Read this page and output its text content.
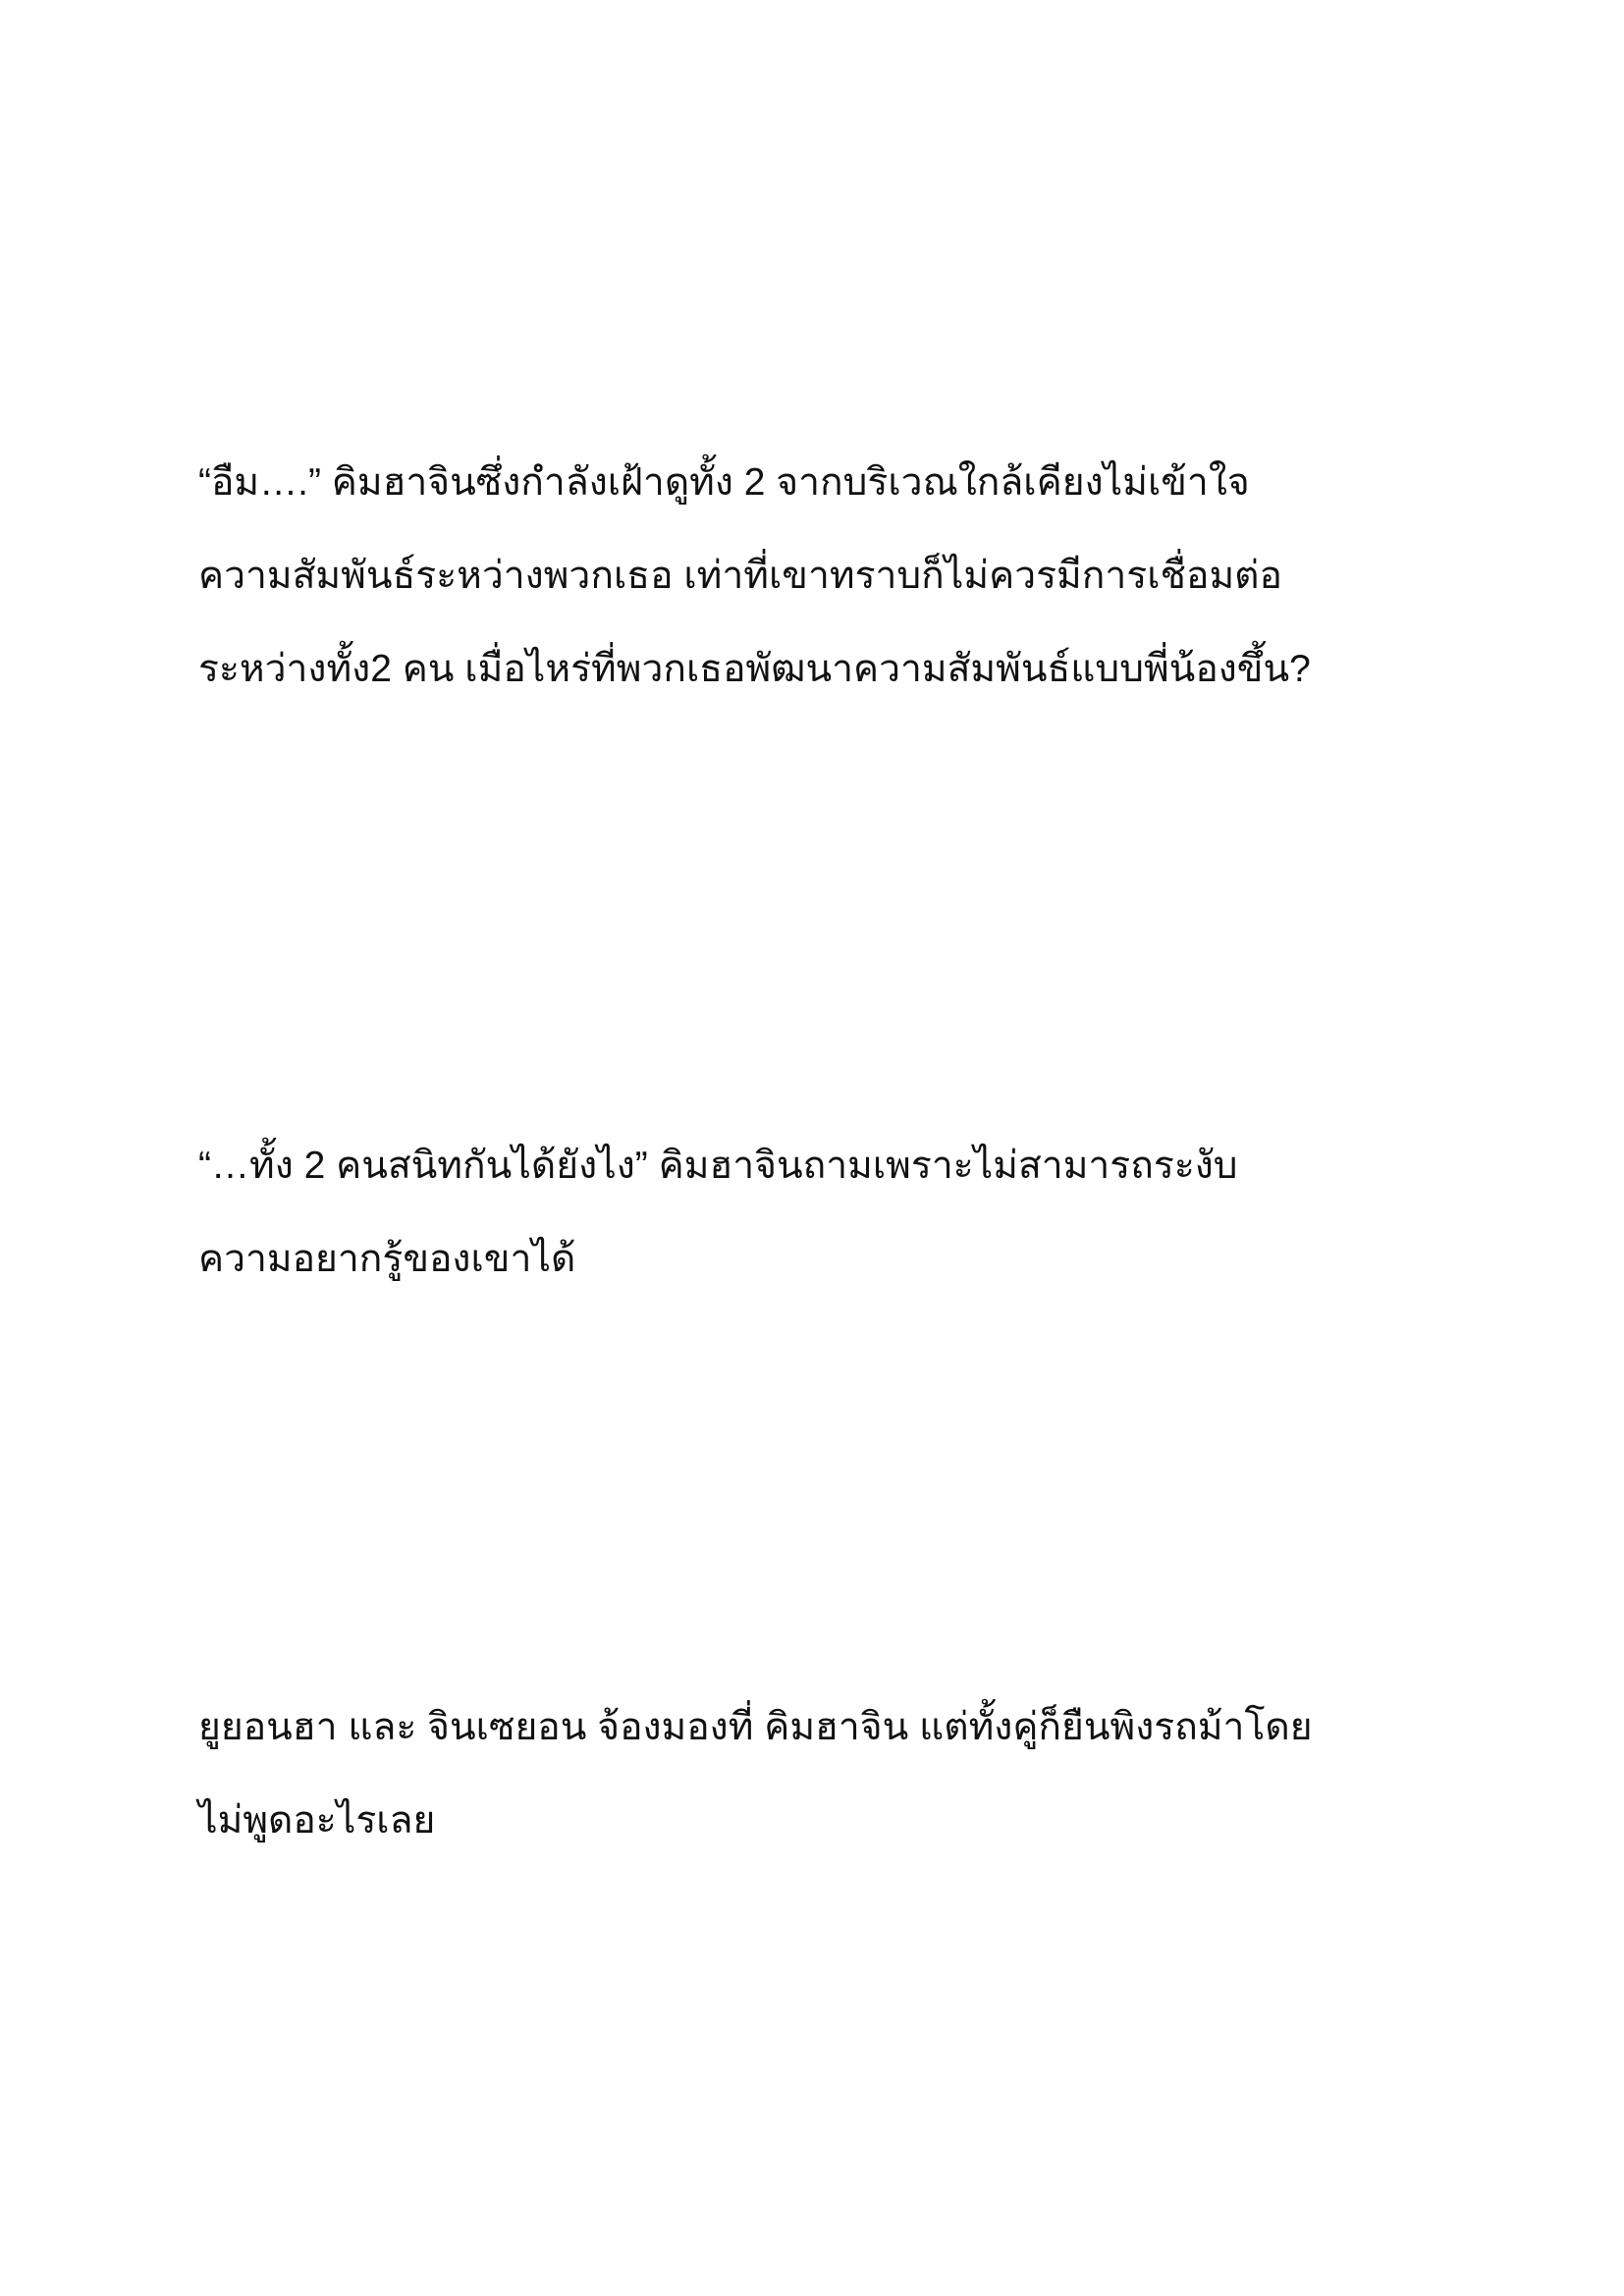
“อืม….” คิมฮาจินซึ่งกำลังเฝ้าดูทั้ง 2 จากบริเวณใกล้เคียงไม่เข้าใจ
ความสัมพันธ์ระหว่างพวกเธอ เท่าที่เขาทราบก็ไม่ควรมีการเชื่อมต่อ
ระหว่างทั้ง2 คน เมื่อไหร่ที่พวกเธอพัฒนาความสัมพันธ์แบบพี่น้องขึ้น?
“…ทั้ง 2 คนสนิทกันได้ยังไง” คิมฮาจินถามเพราะไม่สามารถระงับ
ความอยากรู้ของเขาได้
ยูยอนฮา และ จินเซยอน จ้องมองที่ คิมฮาจิน แต่ทั้งคู่ก็ยืนพิงรถม้าโดย
ไม่พูดอะไรเลย
